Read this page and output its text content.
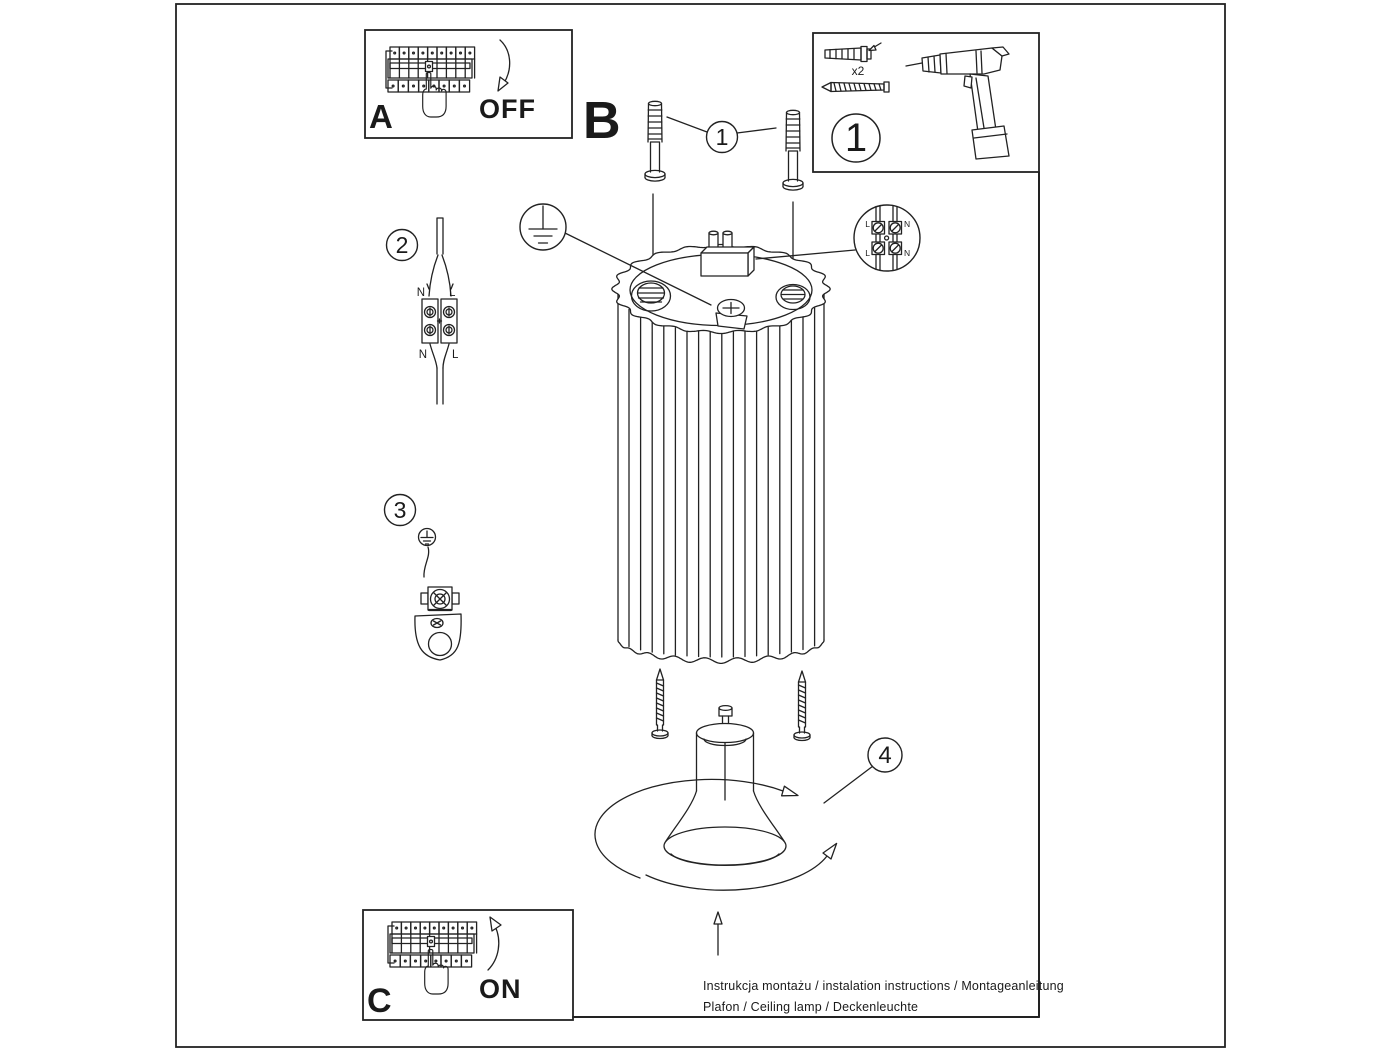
A	OFF
x2
1
B	1
L	N
L	N
2
N L
N L
3
4
C	ON	Instrukcja montażu / instalation instructions / Montageanleitung
Plafon / Ceiling lamp / Deckenleuchte
